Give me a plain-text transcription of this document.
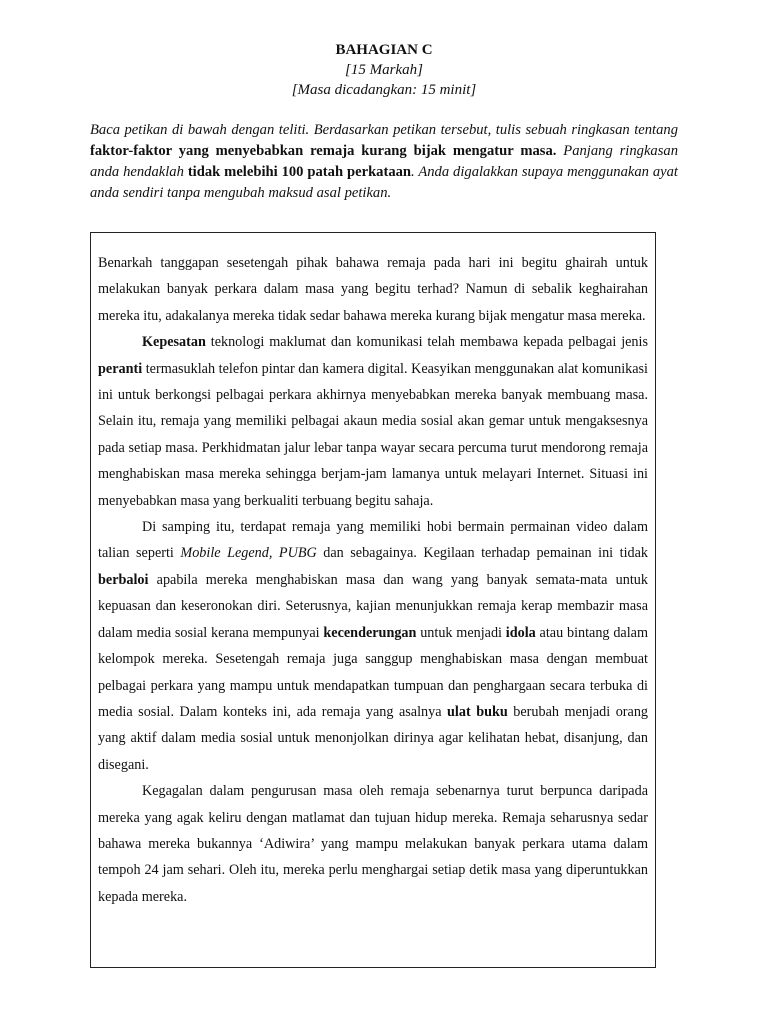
BAHAGIAN C
[15 Markah]
[Masa dicadangkan: 15 minit]
Baca petikan di bawah dengan teliti. Berdasarkan petikan tersebut, tulis sebuah ringkasan tentang faktor-faktor yang menyebabkan remaja kurang bijak mengatur masa. Panjang ringkasan anda hendaklah tidak melebihi 100 patah perkataan. Anda digalakkan supaya menggunakan ayat anda sendiri tanpa mengubah maksud asal petikan.

Benarkah tanggapan sesetengah pihak bahawa remaja pada hari ini begitu ghairah untuk melakukan banyak perkara dalam masa yang begitu terhad? Namun di sebalik keghairahan mereka itu, adakalanya mereka tidak sedar bahawa mereka kurang bijak mengatur masa mereka.

Kepesatan teknologi maklumat dan komunikasi telah membawa kepada pelbagai jenis peranti termasuklah telefon pintar dan kamera digital. Keasyikan menggunakan alat komunikasi ini untuk berkongsi pelbagai perkara akhirnya menyebabkan mereka banyak membuang masa. Selain itu, remaja yang memiliki pelbagai akaun media sosial akan gemar untuk mengaksesnya pada setiap masa. Perkhidmatan jalur lebar tanpa wayar secara percuma turut mendorong remaja menghabiskan masa mereka sehingga berjam-jam lamanya untuk melayari Internet. Situasi ini menyebabkan masa yang berkualiti terbuang begitu sahaja.

Di samping itu, terdapat remaja yang memiliki hobi bermain permainan video dalam talian seperti Mobile Legend, PUBG dan sebagainya. Kegilaan terhadap pemainan ini tidak berbaloi apabila mereka menghabiskan masa dan wang yang banyak semata-mata untuk kepuasan dan keseronokan diri. Seterusnya, kajian menunjukkan remaja kerap membazir masa dalam media sosial kerana mempunyai kecenderungan untuk menjadi idola atau bintang dalam kelompok mereka. Sesetengah remaja juga sanggup menghabiskan masa dengan membuat pelbagai perkara yang mampu untuk mendapatkan tumpuan dan penghargaan secara terbuka di media sosial. Dalam konteks ini, ada remaja yang asalnya ulat buku berubah menjadi orang yang aktif dalam media sosial untuk menonjolkan dirinya agar kelihatan hebat, disanjung, dan disegani.

Kegagalan dalam pengurusan masa oleh remaja sebenarnya turut berpunca daripada mereka yang agak keliru dengan matlamat dan tujuan hidup mereka. Remaja seharusnya sedar bahawa mereka bukannya ‘Adiwira’ yang mampu melakukan banyak perkara utama dalam tempoh 24 jam sehari. Oleh itu, mereka perlu menghargai setiap detik masa yang diperuntukkan kepada mereka.
